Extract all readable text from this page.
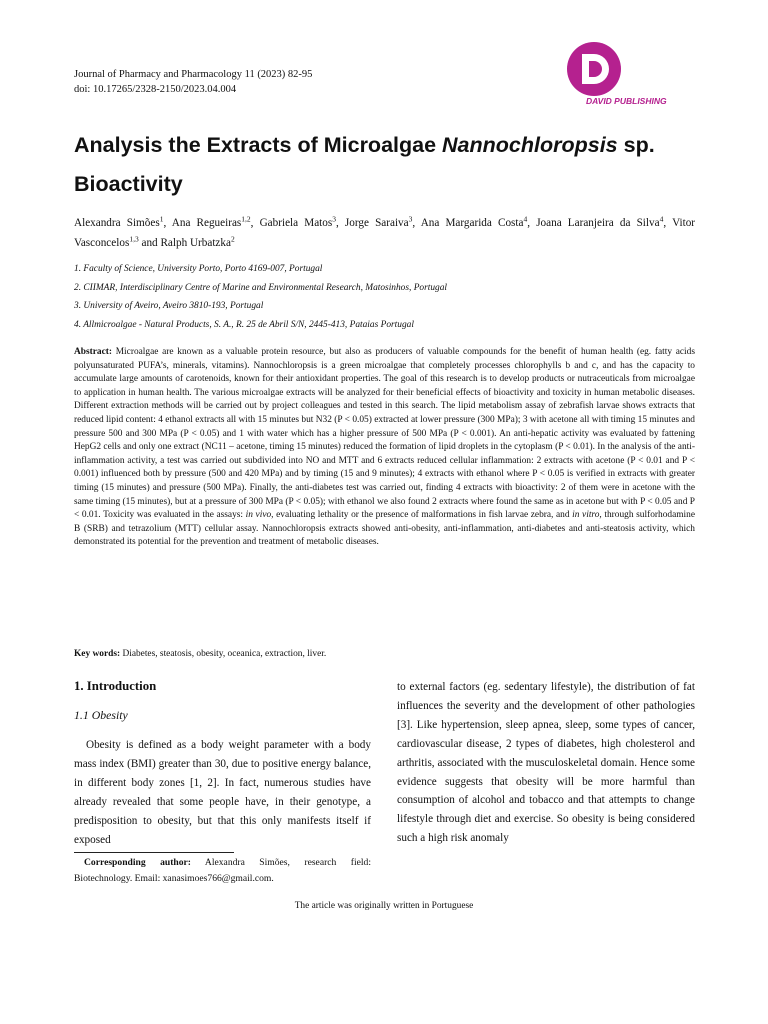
Journal of Pharmacy and Pharmacology 11 (2023) 82-95
doi: 10.17265/2328-2150/2023.04.004
DAVID PUBLISHING
Analysis the Extracts of Microalgae Nannochloropsis sp. Bioactivity
Alexandra Simões$^1$, Ana Regueiras$^{1,2}$, Gabriela Matos$^3$, Jorge Saraiva$^3$, Ana Margarida Costa$^4$, Joana Laranjeira da Silva$^4$, Vitor Vasconcelos$^{1,3}$ and Ralph Urbatzka$^2$
1. Faculty of Science, University Porto, Porto 4169-007, Portugal
2. CIIMAR, Interdisciplinary Centre of Marine and Environmental Research, Matosinhos, Portugal
3. University of Aveiro, Aveiro 3810-193, Portugal
4. Allmicroalgae - Natural Products, S. A., R. 25 de Abril S/N, 2445-413, Pataias Portugal

Abstract: Microalgae are known as a valuable protein resource, but also as producers of valuable compounds for the benefit of human health (eg. fatty acids polyunsaturated PUFA’s, minerals, vitamins). Nannochloropsis is a green microalgae that completely processes chlorophylls b and c, and has the capacity to accumulate large amounts of carotenoids, known for their antioxidant properties. The goal of this research is to develop products or nutraceuticals from microalgae to application in human health. The various microalgae extracts will be analyzed for their beneficial effects of bioactivity and toxicity in human metabolic diseases. Different extraction methods will be carried out by project colleagues and tested in this search. The lipid metabolism assay of zebrafish larvae shows extracts that reduced lipid content: 4 ethanol extracts all with 15 minutes but N32 (P < 0.05) extracted at lower pressure (300 MPa); 3 with acetone all with timing 15 minutes and pressure 500 and 300 MPa (P < 0.05) and 1 with water which has a higher pressure of 500 MPa (P < 0.001). An anti-hepatic activity was evaluated by fattening HepG2 cells and only one extract (NC11 – acetone, timing 15 minutes) reduced the formation of lipid droplets in the cytoplasm (P < 0.01). In the analysis of the anti-inflammation activity, a test was carried out subdivided into NO and MTT and 6 extracts reduced cellular inflammation: 2 extracts with acetone (P < 0.01 and P < 0.001) influenced both by pressure (500 and 420 MPa) and by timing (15 and 9 minutes); 4 extracts with ethanol where P < 0.05 is verified in extracts with greater timing (15 minutes) and pressure (500 MPa). Finally, the anti-diabetes test was carried out, finding 4 extracts with bioactivity: 2 of them were in acetone with the same timing (15 minutes), but at a pressure of 300 MPa (P < 0.05); with ethanol we also found 2 extracts where found the same as in acetone but with P < 0.05 and P < 0.01. Toxicity was evaluated in the assays: in vivo, evaluating lethality or the presence of malformations in fish larvae zebra, and in vitro, through sulforhodamine B (SRB) and tetrazolium (MTT) cellular assay. Nannochloropsis extracts showed anti-obesity, anti-inflammation, anti-diabetes and anti-steatosis activity, which demonstrated its potential for the prevention and treatment of metabolic diseases.

Key words: Diabetes, steatosis, obesity, oceanica, extraction, liver.
1. Introduction
1.1 Obesity

Obesity is defined as a body weight parameter with a body mass index (BMI) greater than 30, due to positive energy balance, in different body zones [1, 2]. In fact, numerous studies have already revealed that some people have, in their genotype, a predisposition to obesity, but that this only manifests itself if exposed

to external factors (eg. sedentary lifestyle), the distribution of fat influences the severity and the development of other pathologies [3]. Like hypertension, sleep apnea, sleep, some types of cancer, cardiovascular disease, 2 types of diabetes, high cholesterol and arthritis, associated with the musculoskeletal domain. Hence some evidence suggests that obesity will be more harmful than consumption of alcohol and tobacco and that attempts to change lifestyle through diet and exercise. So obesity is being considered such a high risk anomaly

Corresponding author: Alexandra Simões, research field: Biotechnology. Email: xanasimoes766@gmail.com.
The article was originally written in Portuguese
